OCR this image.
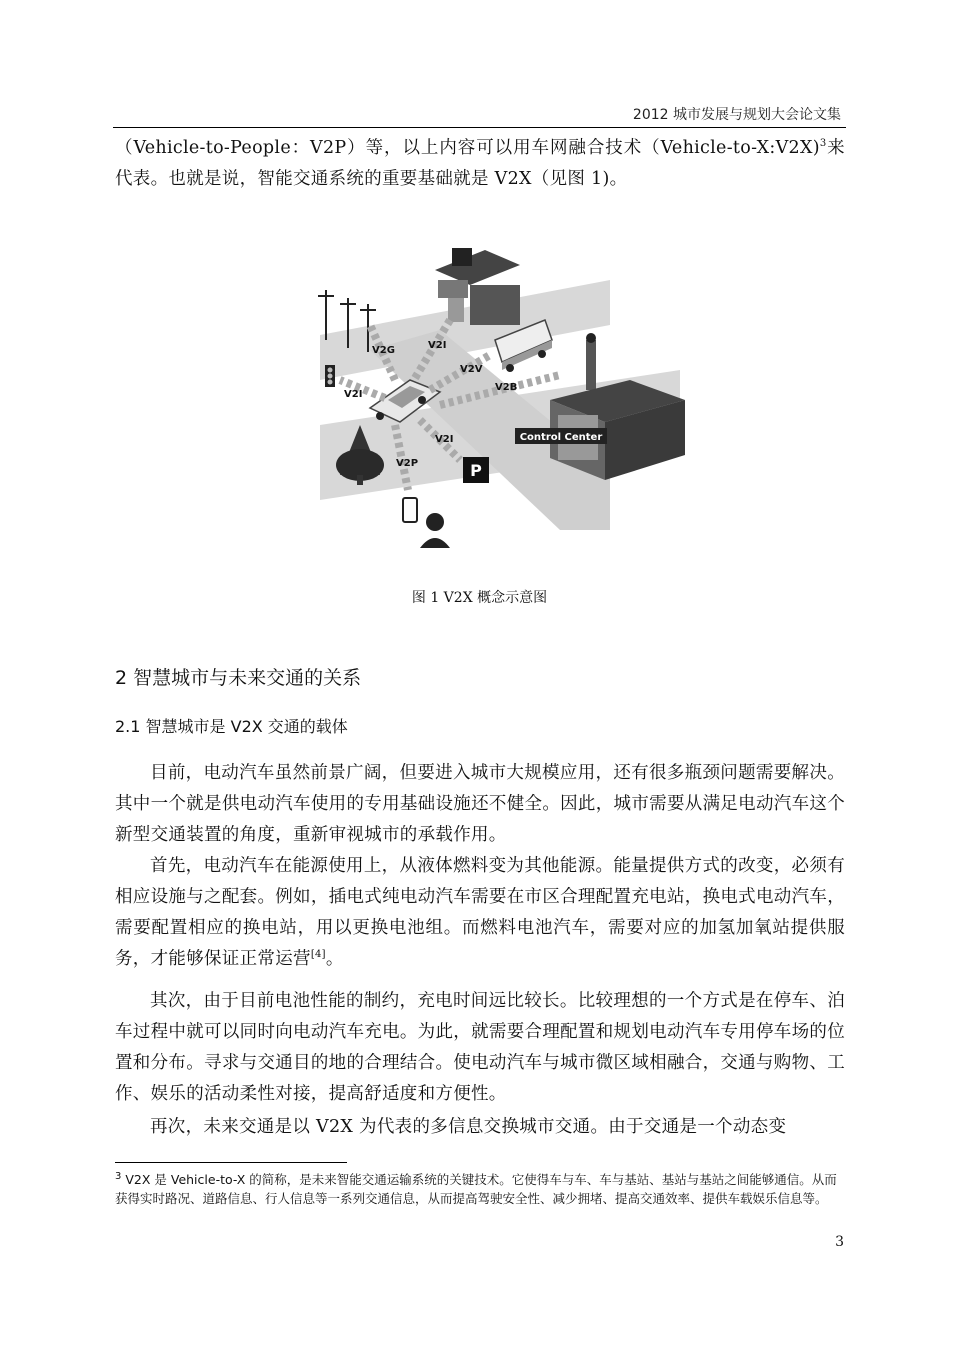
2012 城市发展与规划大会论文集

（Vehicle-to-People：V2P）等，以上内容可以用车网融合技术（Vehicle-to-X:V2X)$^3$来代表。也就是说，智能交通系统的重要基础就是 V2X（见图 1)。

P
V2G	V2I
V2V
V2I
V2B
V2I
V2P
Control Center
图 1 V2X 概念示意图
2 智慧城市与未来交通的关系
2.1 智慧城市是 V2X 交通的载体

目前，电动汽车虽然前景广阔，但要进入城市大规模应用，还有很多瓶颈问题需要解决。其中一个就是供电动汽车使用的专用基础设施还不健全。因此，城市需要从满足电动汽车这个新型交通装置的角度，重新审视城市的承载作用。

首先，电动汽车在能源使用上，从液体燃料变为其他能源。能量提供方式的改变，必须有相应设施与之配套。例如，插电式纯电动汽车需要在市区合理配置充电站，换电式电动汽车，需要配置相应的换电站，用以更换电池组。而燃料电池汽车，需要对应的加氢加氧站提供服务，才能够保证正常运营[4]。

其次，由于目前电池性能的制约，充电时间远比较长。比较理想的一个方式是在停车、泊车过程中就可以同时向电动汽车充电。为此，就需要合理配置和规划电动汽车专用停车场的位置和分布。寻求与交通目的地的合理结合。使电动汽车与城市微区域相融合，交通与购物、工作、娱乐的活动柔性对接，提高舒适度和方便性。

再次，未来交通是以 V2X 为代表的多信息交换城市交通。由于交通是一个动态变

$^3$ V2X 是 Vehicle-to-X 的简称，是未来智能交通运输系统的关键技术。它使得车与车、车与基站、基站与基站之间能够通信。从而获得实时路况、道路信息、行人信息等一系列交通信息，从而提高驾驶安全性、减少拥堵、提高交通效率、提供车载娱乐信息等。

3
